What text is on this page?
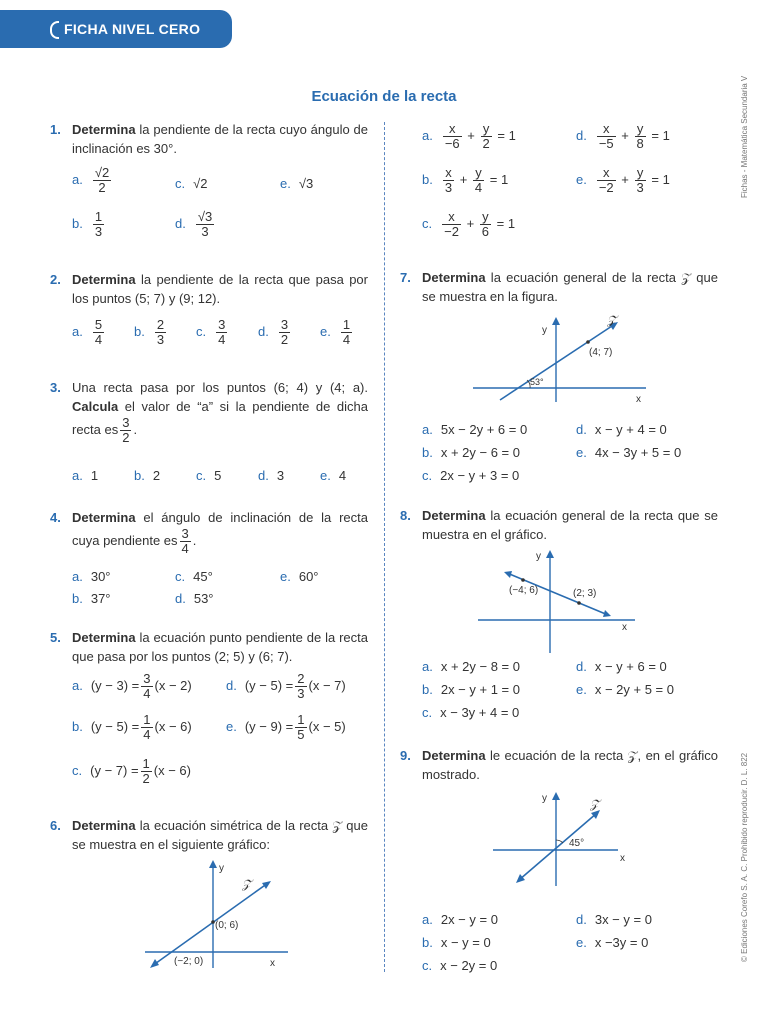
FICHA NIVEL CERO
Ecuación de la recta	Fichas - Matemática Secundaria V
© Ediciones Corefo S. A. C. Prohibido reproducir. D. L. 822
1. Determina la pendiente de la recta cuyo ángulo de inclinación es 30°.
a. $\frac{√2}{2}$	c. √2	e. √3
b. $\frac{1}{3}$	d. $\frac{√3}{3}$
2. Determina la pendiente de la recta que pasa por los puntos (5; 7) y (9; 12).
a. $\frac{5}{4} b$. $\frac{2}{3} c$. $\frac{3}{4} d$. $\frac{3}{2} e$. $\frac{1}{4}$
3. Una recta pasa por los puntos (6; 4) y (4; a). Calcula el valor de “a” si la pendiente de dicha recta es $\frac{3}{2}$ .
a. 1	b. 2	c. 5	d. 3	e. 4
4. Determina el ángulo de inclinación de la recta cuya pendiente es $\frac{3}{4}$ .
a. 30°	c. 45°	e. 60°
b. 37°	d. 53°
5. Determina la ecuación punto pendiente de la recta que pasa por los puntos (2; 5) y (6; 7).
a. $(y - 3) = \frac{3}{4} (x - 2)$	d. $(y - 5) = \frac{2}{3} (x - 7)$
b. $(y - 5) = \frac{1}{4} (x - 6)$	e. $(y - 9) = \frac{1}{5} (x - 5)$
c. $(y - 7) = \frac{1}{2} (x - 6)$
6. Determina la ecuación simétrica de la recta 𝒵 que se muestra en el siguiente gráfico:
y
x
𝒵
(0; 6)
(−2; 0)
a. $\frac{x}{-6} + \frac{y}{2} = 1$	d. $\frac{x}{-5} + \frac{y}{8} = 1$
b. $\frac{x}{3} + \frac{y}{4} = 1$	e. $\frac{x}{-2} + \frac{y}{3} = 1$
c. $\frac{x}{-2} + \frac{y}{6} = 1$
7. Determina la ecuación general de la recta 𝒵 que se muestra en la figura.
y
x
𝒵
(4; 7)
53°
a. 5x − 2y + 6 = 0	d. x − y + 4 = 0
b. x + 2y − 6 = 0	e. 4x − 3y + 5 = 0
c. 2x − y + 3 = 0
8. Determina la ecuación general de la recta que se muestra en el gráfico.
y
x
(−4; 6)	(2; 3)
a. x + 2y − 8 = 0	d. x − y + 6 = 0
b. 2x − y + 1 = 0	e. x − 2y + 5 = 0
c. x − 3y + 4 = 0
9. Determina le ecuación de la recta 𝒵, en el gráfico mostrado.
y
x
𝒵
45°
a. 2x − y = 0	d. 3x − y = 0
b. x − y = 0	e. x −3y = 0
c. x − 2y = 0
